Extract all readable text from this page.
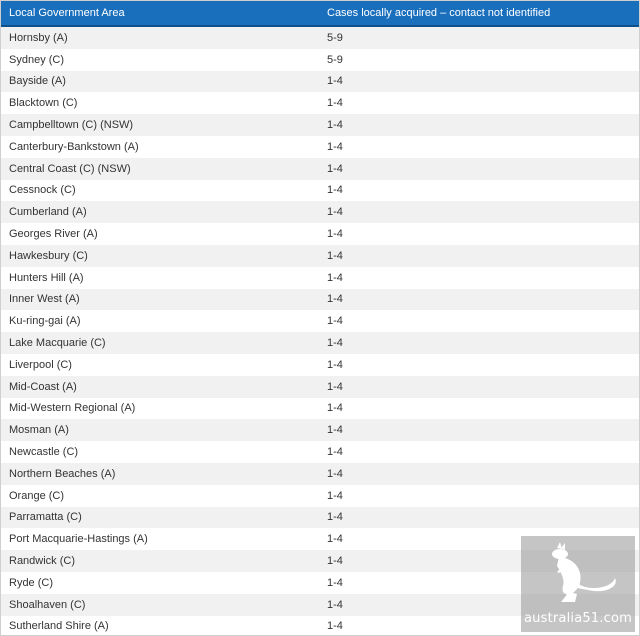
Local Government Area	Cases locally acquired – contact not identified
Hornsby (A)	5-9
Sydney (C)	5-9
Bayside (A)	1-4
Blacktown (C)	1-4
Campbelltown (C) (NSW)	1-4
Canterbury-Bankstown (A)	1-4
Central Coast (C) (NSW)	1-4
Cessnock (C)	1-4
Cumberland (A)	1-4
Georges River (A)	1-4
Hawkesbury (C)	1-4
Hunters Hill (A)	1-4
Inner West (A)	1-4
Ku-ring-gai (A)	1-4
Lake Macquarie (C)	1-4
Liverpool (C)	1-4
Mid-Coast (A)	1-4
Mid-Western Regional (A)	1-4
Mosman (A)	1-4
Newcastle (C)	1-4
Northern Beaches (A)	1-4
Orange (C)	1-4
Parramatta (C)	1-4
Port Macquarie-Hastings (A)	1-4
Randwick (C)	1-4
Ryde (C)	1-4
Shoalhaven (C)	1-4
Sutherland Shire (A)	1-4
australia51.com
